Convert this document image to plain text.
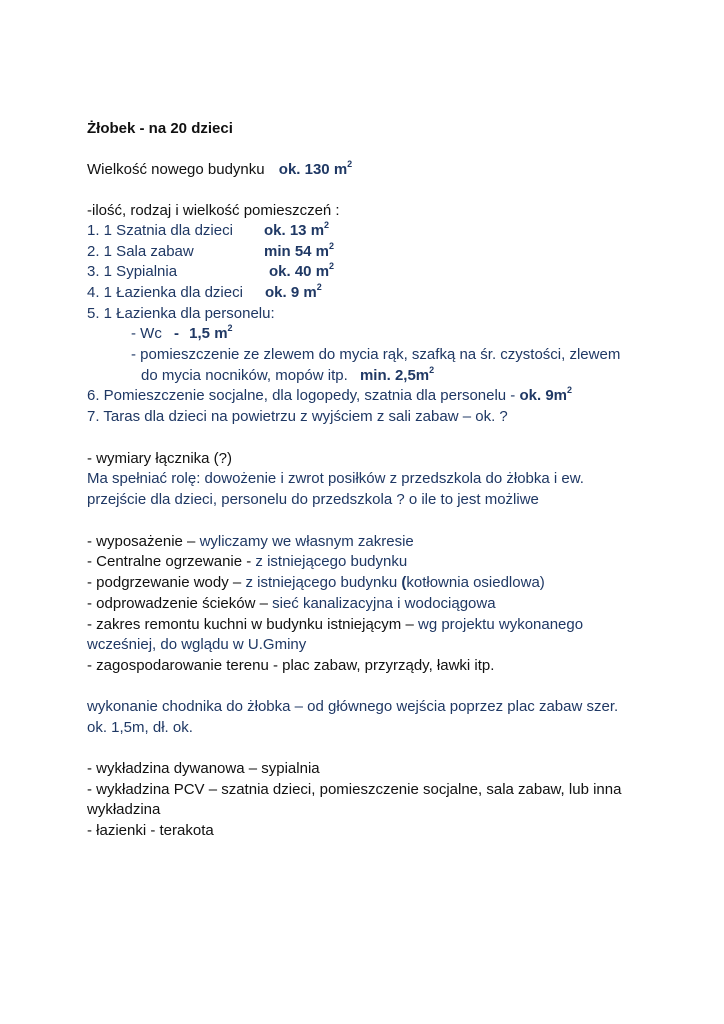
Żłobek - na 20 dzieci
Wielkość nowego budynku ok. 130 $m^2$
-ilość, rodzaj i wielkość pomieszczeń :
1. 1 Szatnia dla dzieci ok. 13 $m^2$
2. 1 Sala zabaw	min 54 $m^2$
3. 1 Sypialnia	ok. 40 $m^2$
4. 1 Łazienka dla dzieci ok. 9 $m^2$
5. 1 Łazienka dla personelu:
- Wc - 1,5 $m^2$
- pomieszczenie ze zlewem do mycia rąk, szafką na śr. czystości, zlewem
do mycia nocników, mopów itp. min. $2,5m^2$
6. Pomieszczenie socjalne, dla logopedy, szatnia dla personelu - ok. $9m^2$
7. Taras dla dzieci na powietrzu z wyjściem z sali zabaw – ok. ?
- wymiary łącznika (?)
Ma spełniać rolę: dowożenie i zwrot posiłków z przedszkola do żłobka i ew.
przejście dla dzieci, personelu do przedszkola ? o ile to jest możliwe
- wyposażenie – wyliczamy we własnym zakresie
- Centralne ogrzewanie - z istniejącego budynku
- podgrzewanie wody – z istniejącego budynku (kotłownia osiedlowa)
- odprowadzenie ścieków – sieć kanalizacyjna i wodociągowa
- zakres remontu kuchni w budynku istniejącym – wg projektu wykonanego
wcześniej, do wglądu w U.Gminy
- zagospodarowanie terenu - plac zabaw, przyrządy, ławki itp.
wykonanie chodnika do żłobka – od głównego wejścia poprzez plac zabaw szer.
ok. 1,5m, dł. ok.
- wykładzina dywanowa – sypialnia
- wykładzina PCV – szatnia dzieci, pomieszczenie socjalne, sala zabaw, lub inna
wykładzina
- łazienki - terakota
